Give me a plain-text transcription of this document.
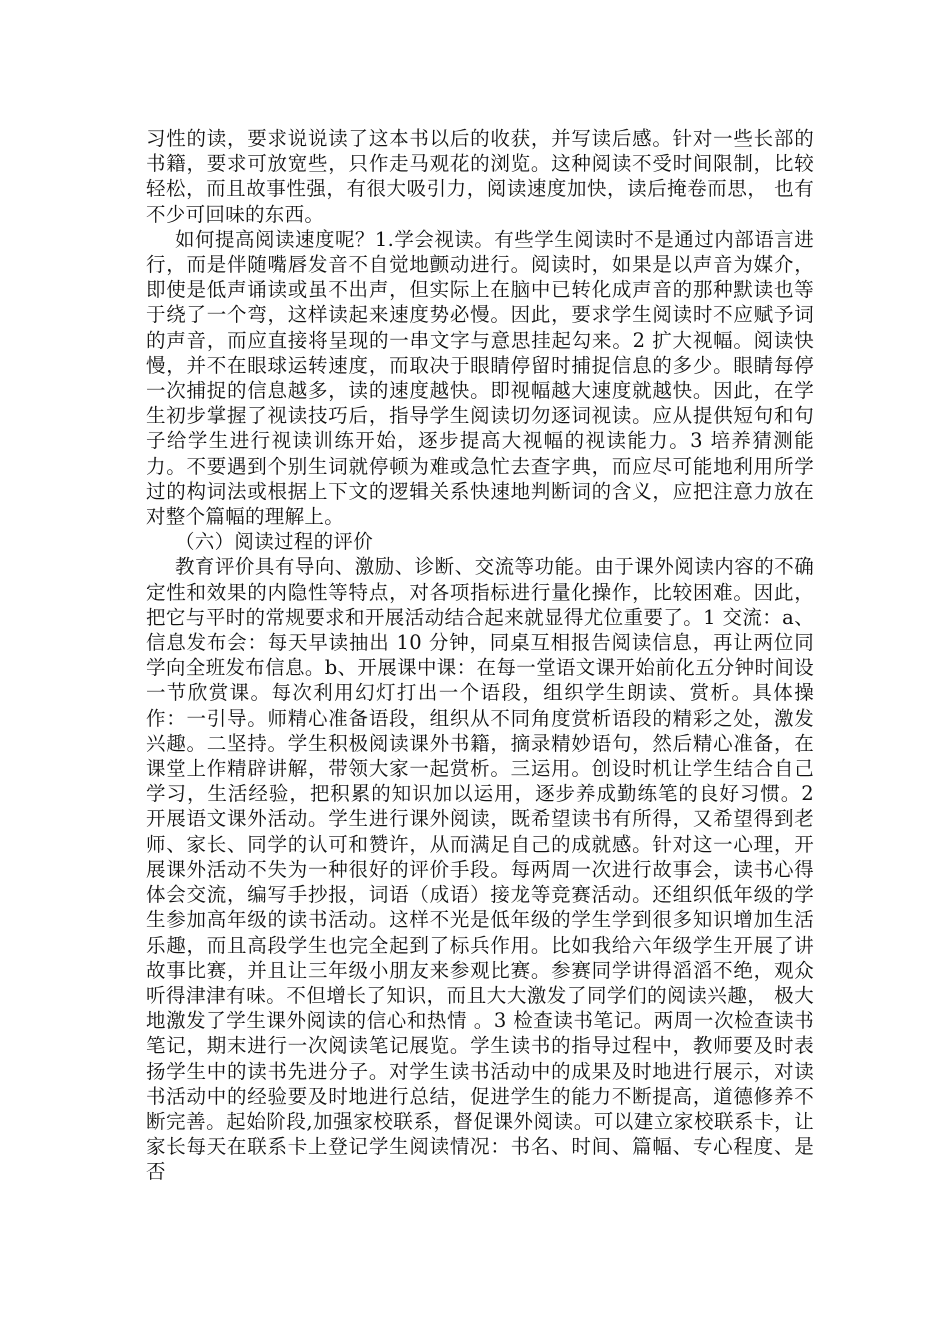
习性的读，要求说说读了这本书以后的收获，并写读后感。针对一些长部的书籍，要求可放宽些，只作走马观花的浏览。这种阅读不受时间限制，比较轻松，而且故事性强，有很大吸引力，阅读速度加快，读后掩卷而思， 也有不少可回味的东西。

如何提高阅读速度呢？1.学会视读。有些学生阅读时不是通过内部语言进行，而是伴随嘴唇发音不自觉地颤动进行。阅读时，如果是以声音为媒介，即使是低声诵读或虽不出声，但实际上在脑中已转化成声音的那种默读也等于绕了一个弯，这样读起来速度势必慢。因此，要求学生阅读时不应赋予词的声音，而应直接将呈现的一串文字与意思挂起勾来。2 扩大视幅。阅读快慢，并不在眼球运转速度，而取决于眼睛停留时捕捉信息的多少。眼睛每停一次捕捉的信息越多，读的速度越快。即视幅越大速度就越快。因此，在学生初步掌握了视读技巧后，指导学生阅读切勿逐词视读。应从提供短句和句子给学生进行视读训练开始，逐步提高大视幅的视读能力。3 培养猜测能力。不要遇到个别生词就停顿为难或急忙去查字典，而应尽可能地利用所学过的构词法或根据上下文的逻辑关系快速地判断词的含义，应把注意力放在对整个篇幅的理解上。

（六）阅读过程的评价

教育评价具有导向、激励、诊断、交流等功能。由于课外阅读内容的不确定性和效果的内隐性等特点，对各项指标进行量化操作，比较困难。因此，把它与平时的常规要求和开展活动结合起来就显得尤位重要了。1 交流：a、信息发布会：每天早读抽出 10 分钟，同桌互相报告阅读信息，再让两位同学向全班发布信息。b、开展课中课：在每一堂语文课开始前化五分钟时间设一节欣赏课。每次利用幻灯打出一个语段，组织学生朗读、赏析。具体操作：一引导。师精心准备语段，组织从不同角度赏析语段的精彩之处，激发兴趣。二坚持。学生积极阅读课外书籍，摘录精妙语句，然后精心准备，在课堂上作精辟讲解，带领大家一起赏析。三运用。创设时机让学生结合自己学习，生活经验，把积累的知识加以运用，逐步养成勤练笔的良好习惯。2 开展语文课外活动。学生进行课外阅读，既希望读书有所得，又希望得到老师、家长、同学的认可和赞许，从而满足自己的成就感。针对这一心理，开展课外活动不失为一种很好的评价手段。每两周一次进行故事会，读书心得体会交流，编写手抄报，词语（成语）接龙等竞赛活动。还组织低年级的学生参加高年级的读书活动。这样不光是低年级的学生学到很多知识增加生活乐趣，而且高段学生也完全起到了标兵作用。比如我给六年级学生开展了讲故事比赛，并且让三年级小朋友来参观比赛。参赛同学讲得滔滔不绝，观众听得津津有味。不但增长了知识，而且大大激发了同学们的阅读兴趣， 极大地激发了学生课外阅读的信心和热情 。3 检查读书笔记。两周一次检查读书笔记，期末进行一次阅读笔记展览。学生读书的指导过程中，教师要及时表扬学生中的读书先进分子。对学生读书活动中的成果及时地进行展示，对读书活动中的经验要及时地进行总结，促进学生的能力不断提高，道德修养不断完善。起始阶段,加强家校联系，督促课外阅读。可以建立家校联系卡，让家长每天在联系卡上登记学生阅读情况：书名、时间、篇幅、专心程度、是否
